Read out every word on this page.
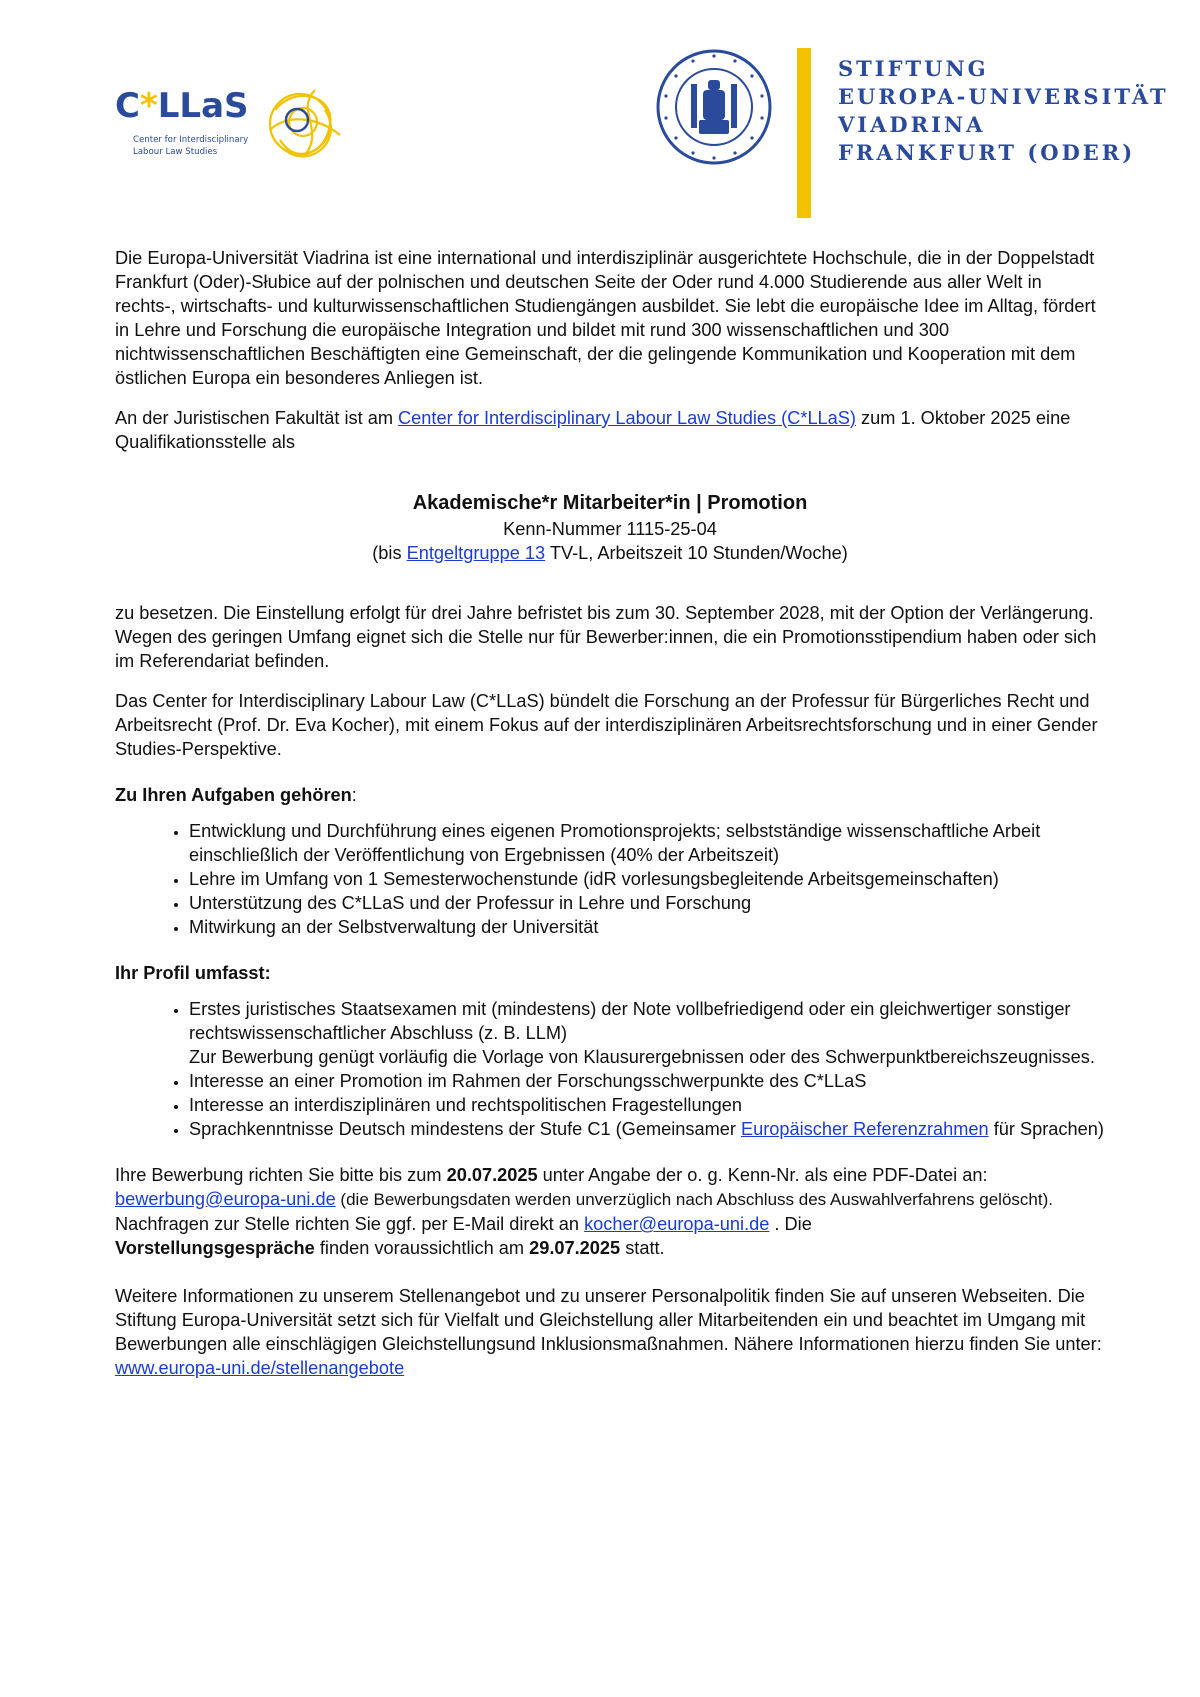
C*LLaS
Center for Interdisciplinary
Labour Law Studies
STIFTUNG
EUROPA-UNIVERSITÄT
VIADRINA
FRANKFURT (ODER)

Die Europa-Universität Viadrina ist eine international und interdisziplinär ausgerichtete Hochschule, die in der Doppelstadt Frankfurt (Oder)-Słubice auf der polnischen und deutschen Seite der Oder rund 4.000 Studierende aus aller Welt in rechts-, wirtschafts- und kulturwissenschaftlichen Studiengängen ausbildet. Sie lebt die europäische Idee im Alltag, fördert in Lehre und Forschung die europäische Integration und bildet mit rund 300 wissenschaftlichen und 300 nichtwissenschaftlichen Beschäftigten eine Gemeinschaft, der die gelingende Kommunikation und Kooperation mit dem östlichen Europa ein besonderes Anliegen ist.

An der Juristischen Fakultät ist am Center for Interdisciplinary Labour Law Studies (C*LLaS) zum 1. Oktober 2025 eine Qualifikationsstelle als

Akademische*r Mitarbeiter*in | Promotion

Kenn-Nummer 1115-25-04

(bis Entgeltgruppe 13 TV-L, Arbeitszeit 10 Stunden/Woche)

zu besetzen. Die Einstellung erfolgt für drei Jahre befristet bis zum 30. September 2028, mit der Option der Verlängerung. Wegen des geringen Umfang eignet sich die Stelle nur für Bewerber:innen, die ein Promotionsstipendium haben oder sich im Referendariat befinden.

Das Center for Interdisciplinary Labour Law (C*LLaS) bündelt die Forschung an der Professur für Bürgerliches Recht und Arbeitsrecht (Prof. Dr. Eva Kocher), mit einem Fokus auf der interdisziplinären Arbeitsrechtsforschung und in einer Gender Studies-Perspektive.

Zu Ihren Aufgaben gehören:

• Entwicklung und Durchführung eines eigenen Promotionsprojekts; selbstständige wissenschaftliche Arbeit einschließlich der Veröffentlichung von Ergebnissen (40% der Arbeitszeit)
• Lehre im Umfang von 1 Semesterwochenstunde (idR vorlesungsbegleitende Arbeitsgemeinschaften)
• Unterstützung des C*LLaS und der Professur in Lehre und Forschung
• Mitwirkung an der Selbstverwaltung der Universität

Ihr Profil umfasst:

• Erstes juristisches Staatsexamen mit (mindestens) der Note vollbefriedigend oder ein gleichwertiger sonstiger rechtswissenschaftlicher Abschluss (z. B. LLM)
Zur Bewerbung genügt vorläufig die Vorlage von Klausurergebnissen oder des Schwerpunktbereichszeugnisses.
• Interesse an einer Promotion im Rahmen der Forschungsschwerpunkte des C*LLaS
• Interesse an interdisziplinären und rechtspolitischen Fragestellungen
• Sprachkenntnisse Deutsch mindestens der Stufe C1 (Gemeinsamer Europäischer Referenzrahmen für Sprachen)

Ihre Bewerbung richten Sie bitte bis zum 20.07.2025 unter Angabe der o. g. Kenn-Nr. als eine PDF-Datei an: bewerbung@europa-uni.de (die Bewerbungsdaten werden unverzüglich nach Abschluss des Auswahlverfahrens gelöscht).
Nachfragen zur Stelle richten Sie ggf. per E-Mail direkt an kocher@europa-uni.de . Die
Vorstellungsgespräche finden voraussichtlich am 29.07.2025 statt.

Weitere Informationen zu unserem Stellenangebot und zu unserer Personalpolitik finden Sie auf unseren Webseiten. Die Stiftung Europa-Universität setzt sich für Vielfalt und Gleichstellung aller Mitarbeitenden ein und beachtet im Umgang mit Bewerbungen alle einschlägigen Gleichstellungsund Inklusionsmaßnahmen. Nähere Informationen hierzu finden Sie unter: www.europa-uni.de/stellenangebote
